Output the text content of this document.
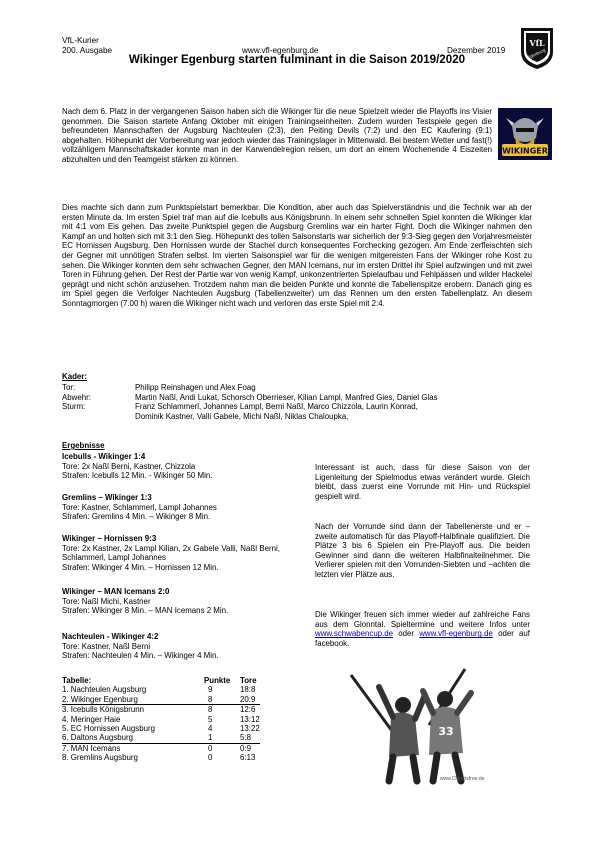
VfL-Kurier
200. Ausgabe	www.vfl-egenburg.de	Dezember 2019
VfL
Egenburg
Wikinger Egenburg starten fulminant in die Saison 2019/2020
WIKINGER
Nach dem 6. Platz in der vergangenen Saison haben sich die Wikinger für die neue Spielzeit wieder die Playoffs ins Visier genommen. Die Saison startete Anfang Oktober mit einigen Trainingseinheiten. Zudem wurden Testspiele gegen die befreundeten Mannschaften der Augsburg Nachteulen (2:3), den Peiting Devils (7:2) und den EC Kaufering (9:1) abgehalten. Höhepunkt der Vorbereitung war jedoch wieder das Trainingslager in Mittenwald. Bei bestem Wetter und fast(!) vollzähligem Mannschaftskader konnte man in der Karwendelregion reisen, um dort an einem Wochenende 4 Eiszeiten abzuhalten und den Teamgeist stärken zu können.
Dies machte sich dann zum Punktspielstart bemerkbar. Die Kondition, aber auch das Spielverständnis und die Technik war ab der ersten Minute da. Im ersten Spiel traf man auf die Icebulls aus Königsbrunn. In einem sehr schnellen Spiel konnten die Wikinger klar mit 4:1 vom Eis gehen. Das zweite Punktspiel gegen die Augsburg Gremlins war ein harter Fight. Doch die Wikinger nahmen den Kampf an und holten sich mit 3:1 den Sieg. Höhepunkt des tollen Saisonstarts war sicherlich der 9:3-Sieg gegen den Vorjahresmeister EC Hornissen Augsburg. Den Hornissen wurde der Stachel durch konsequentes Forchecking gezogen. Am Ende zerfleischten sich der Gegner mit unnötigen Strafen selbst. Im vierten Saisonspiel war für die wenigen mitgereisten Fans der Wikinger rohe Kost zu sehen. Die Wikinger konnten dem sehr schwachen Gegner, den MAN Icemans, nur im ersten Drittel ihr Spiel aufzwingen und mit zwei Toren in Führung gehen. Der Rest der Partie war von wenig Kampf, unkonzentrierten Spielaufbau und Fehlpässen und wilder Hackelei geprägt und nicht schön anzusehen. Trotzdem nahm man die beiden Punkte und konnte die Tabellenspitze erobern. Danach ging es im Spiel gegen die Verfolger Nachteulen Augsburg (Tabellenzweiter) um das Rennen um den ersten Tabellenplatz. An diesem Sonntagmorgen (7.00 h) waren die Wikinger nicht wach und verloren das erste Spiel mit 2:4.
Kader:
Tor:	Philipp Reinshagen und Alex Foag
Abwehr:	Martin Naßl, Andi Lukat, Schorsch Oberrieser, Kilian Lampl, Manfred Gies, Daniel Glas
Sturm:	Franz Schlammerl, Johannes Lampl, Berni Naßl, Marco Chizzola, Laurin Konrad,
Dominik Kastner, Valli Gabele, Michi Naßl, Niklas Chaloupka,
Ergebnisse
Icebulls - Wikinger 1:4
Tore: 2x Naßl Berni, Kastner, Chizzola
Strafen: Icebulls 12 Min. - Wikinger 50 Min.
Gremlins – Wikinger 1:3
Tore: Kastner, Schlammerl, Lampl Johannes
Strafen: Gremlins 4 Min. – Wikinger 8 Min.
Wikinger – Hornissen 9:3
Tore: 2x Kastner, 2x Lampl Kilian, 2x Gabele Valli, Naßl Berni, Schlammerl, Lampl Johannes
Strafen: Wikinger 4 Min. – Hornissen 12 Min.
Wikinger – MAN Icemans 2:0
Tore: Naßl Michi, Kastner
Strafen: Wikinger 8 Min. – MAN Icemans 2 Min.
Nachteulen - Wikinger 4:2
Tore: Kastner, Naßl Berni
Strafen: Nachteulen 4 Min. – Wikinger 4 Min.
Tabelle:	Punkte	Tore
1. Nachteulen Augsburg	9	18:8
2. Wikinger Egenburg	8	20:9
3. Icebulls Königsbrunn	8	12:6
4. Meringer Haie	5	13:12
5. EC Hornissen Augsburg	4	13:22
6. Daltons Augsburg	1	5:8
7. MAN Icemans	0	0:9
8. Gremlins Augsburg	0	6:13
Interessant ist auch, dass für diese Saison von der Ligenleitung der Spielmodus etwas verändert wurde. Gleich bleibt, dass zuerst eine Vorrunde mit Hin- und Rückspiel gespielt wird.
Nach der Vorrunde sind dann der Tabellenerste und er –zweite automatisch für das Playoff-Halbfinale qualifiziert. Die Plätze 3 bis 6 Spielen ein Pre-Playoff aus. Die beiden Gewinner sind dann die weiteren Halbfinalteilnehmer. Die Verlierer spielen mit den Vorrunden-Siebten und –achten die letzten vier Plätze aus.
Die Wikinger freuen sich immer wieder auf zahlreiche Fans aus dem Glonntal. Spieltermine und weitere Infos unter www.schwabencup.de oder www.vfl-egenburg.de oder auf facebook.
33
www.Clipartsfree.de
